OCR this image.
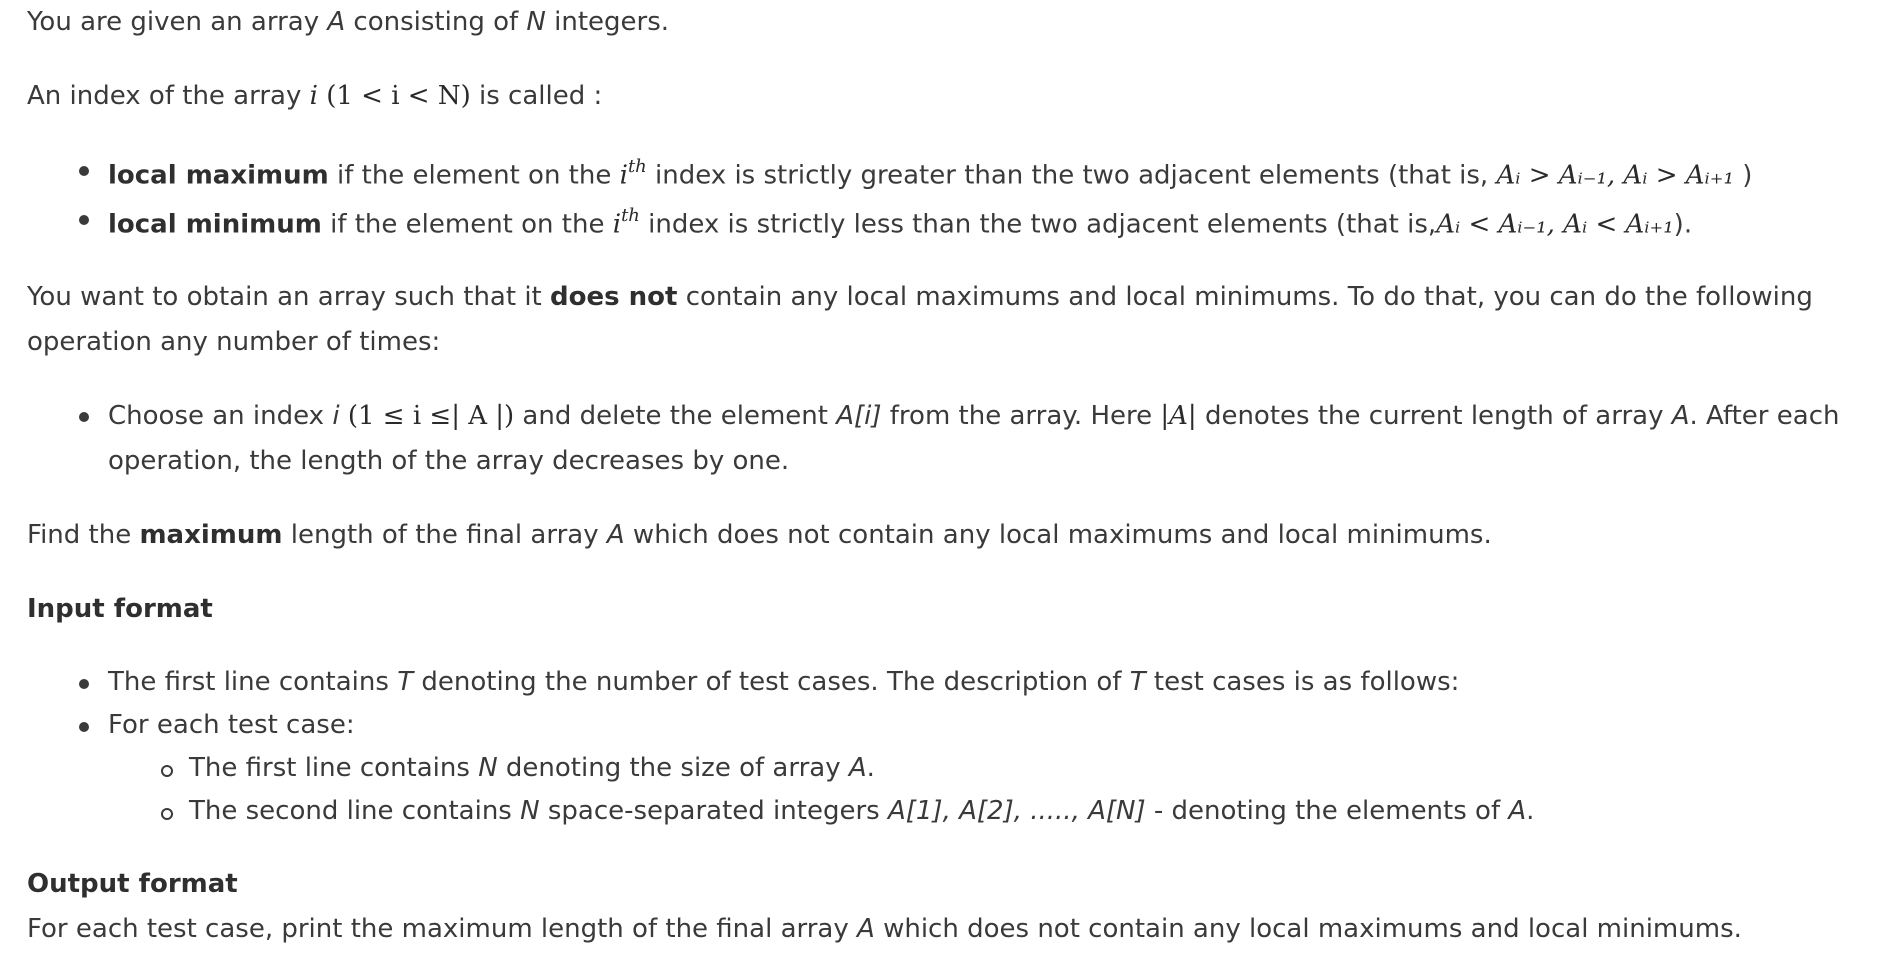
You are given an array A consisting of N integers.

An index of the array i (1 < i < N) is called :

local maximum if the element on the $i^{th}$ index is strictly greater than the two adjacent elements (that is, Aᵢ > Aᵢ₋₁, Aᵢ > Aᵢ₊₁ )
local minimum if the element on the $i^{th}$ index is strictly less than the two adjacent elements (that is,Aᵢ < Aᵢ₋₁, Aᵢ < Aᵢ₊₁).

You want to obtain an array such that it does not contain any local maximums and local minimums. To do that, you can do the following operation any number of times:

Choose an index i (1 ≤ i ≤| A |) and delete the element A[i] from the array. Here |A| denotes the current length of array A. After each operation, the length of the array decreases by one.

Find the maximum length of the final array A which does not contain any local maximums and local minimums.

Input format
The first line contains T denoting the number of test cases. The description of T test cases is as follows:
For each test case:
The first line contains N denoting the size of array A.
The second line contains N space-separated integers A[1], A[2], ....., A[N] - denoting the elements of A.
Output format

For each test case, print the maximum length of the final array A which does not contain any local maximums and local minimums.
